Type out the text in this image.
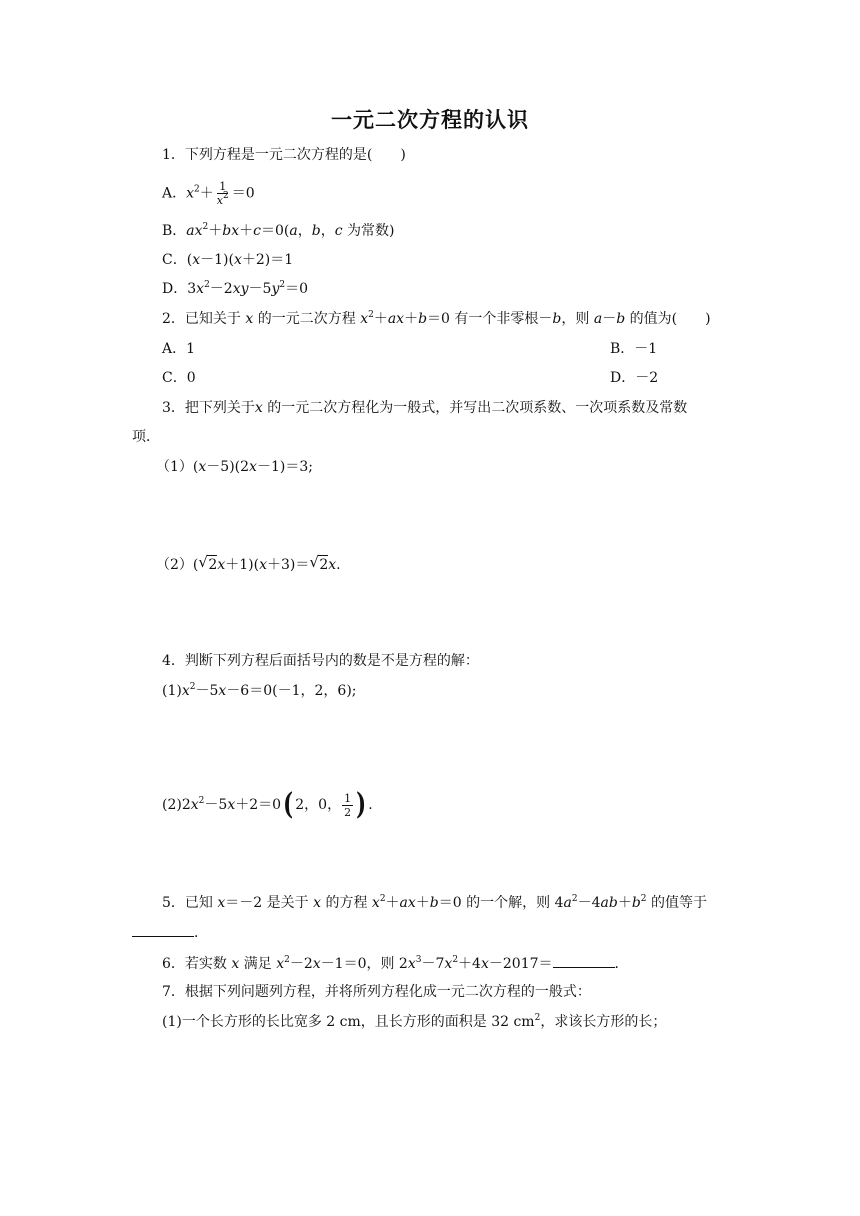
一元二次方程的认识
1．下列方程是一元二次方程的是(　　)
A．$x^2+ \frac{1}{x^2} =0$
B．$ax^2+bx+c=0(a$，b，c 为常数)
C．(x－1)(x＋2)＝1
D．$3x^2-2xy-5y^2=0$
2．已知关于 x 的一元二次方程 $x^2+ax+b=0$ 有一个非零根－b，则 a－b 的值为(　　)
A．1	B．－1
C．0	D．－2
3．把下列关于x 的一元二次方程化为一般式，并写出二次项系数、一次项系数及常数
项．
（1）(x－5)(2x－1)＝3;
（2）( √ 2x＋1)(x＋3)＝ √ 2x.
4．判断下列方程后面括号内的数是不是方程的解：
$(1)x^2-5x-6=0(-1$，2，6);
$(2)2x^2-5x+2=0$( 2，0， $\frac{1}{2}$ ) .
5．已知 x＝－2 是关于 x 的方程 $x^2+ax+b=0$ 的一个解，则 $4a^2-4ab+b^2$ 的值等于
．
6．若实数 x 满足 $x^2-2x-1=0$，则 $2x^3-7x^2+4x-2017=$	．
7．根据下列问题列方程，并将所列方程化成一元二次方程的一般式：
(1)一个长方形的长比宽多 2 cm，且长方形的面积是 32 $cm^2$，求该长方形的长；
